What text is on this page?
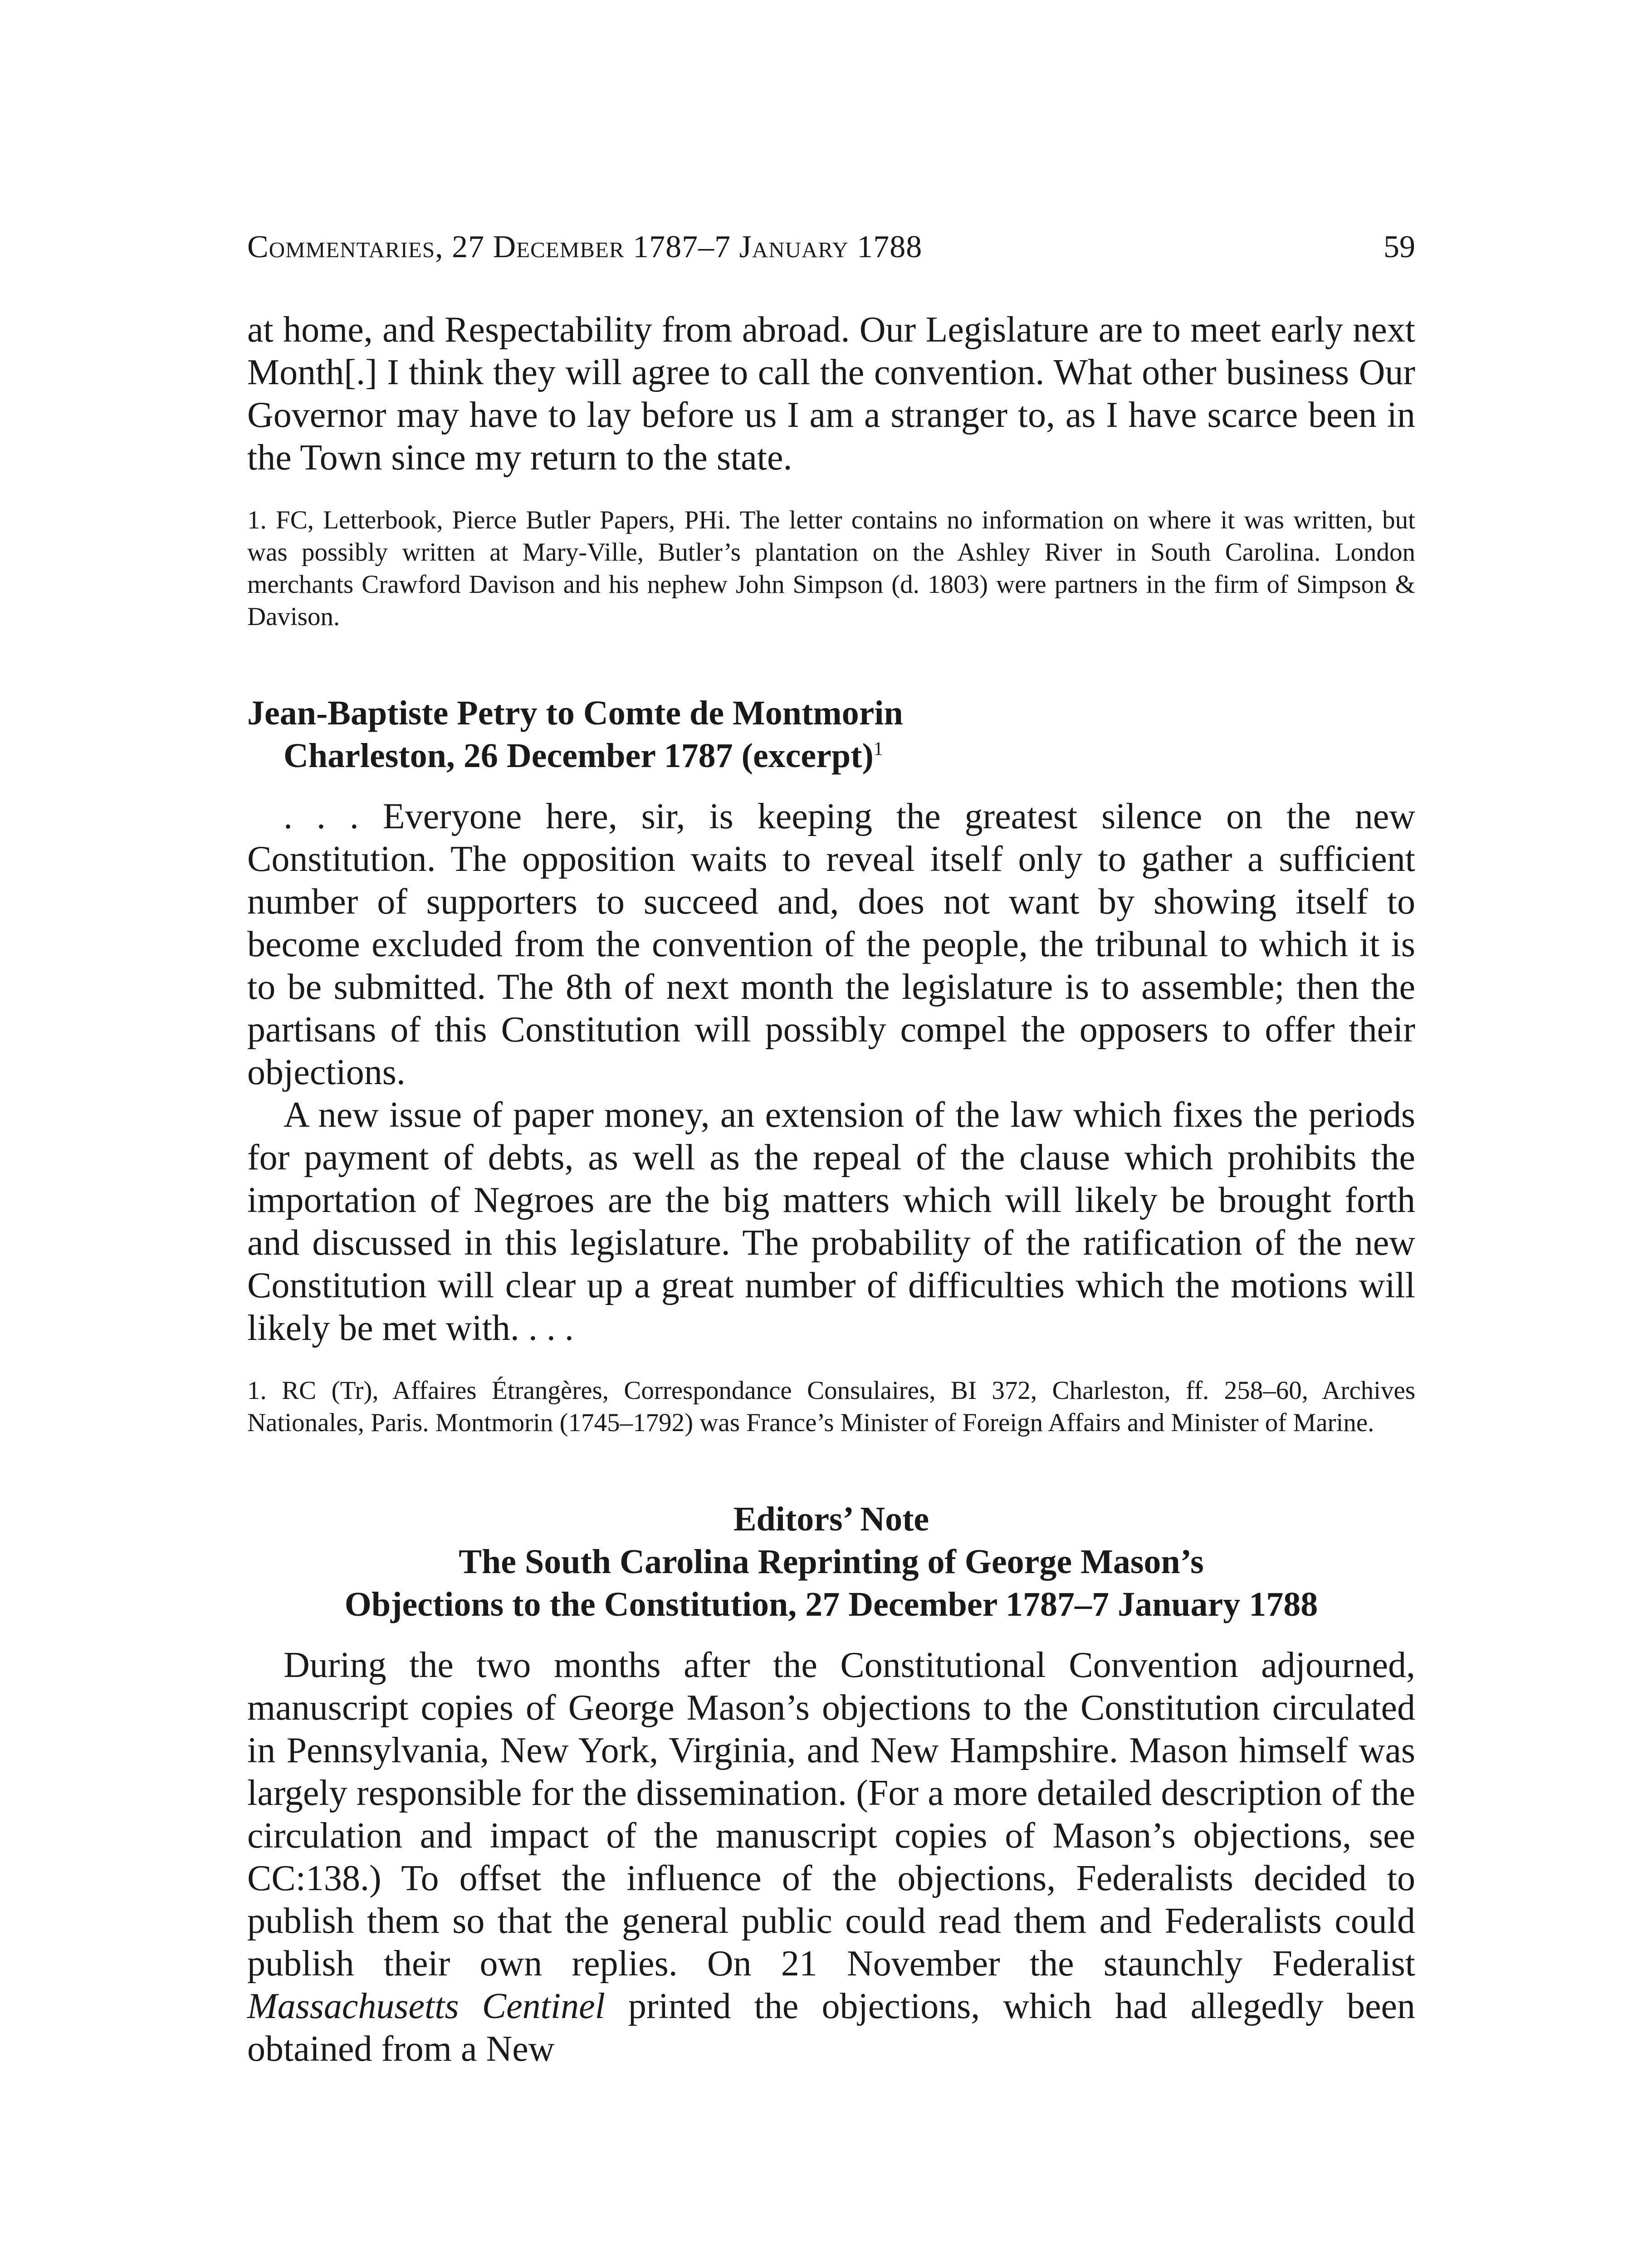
Commentaries, 27 December 1787–7 January 1788	59

at home, and Respectability from abroad. Our Legislature are to meet early next Month[.] I think they will agree to call the convention. What other business Our Governor may have to lay before us I am a stranger to, as I have scarce been in the Town since my return to the state.

1. FC, Letterbook, Pierce Butler Papers, PHi. The letter contains no information on where it was written, but was possibly written at Mary-Ville, Butler’s plantation on the Ashley River in South Carolina. London merchants Crawford Davison and his nephew John Simpson (d. 1803) were partners in the firm of Simpson & Davison.

Jean-Baptiste Petry to Comte de Montmorin
Charleston, 26 December 1787 (excerpt)$^1$

. . . Everyone here, sir, is keeping the greatest silence on the new Constitution. The opposition waits to reveal itself only to gather a sufficient number of supporters to succeed and, does not want by showing itself to become excluded from the convention of the people, the tribunal to which it is to be submitted. The 8th of next month the legislature is to assemble; then the partisans of this Constitution will possibly compel the opposers to offer their objections.

A new issue of paper money, an extension of the law which fixes the periods for payment of debts, as well as the repeal of the clause which prohibits the importation of Negroes are the big matters which will likely be brought forth and discussed in this legislature. The probability of the ratification of the new Constitution will clear up a great number of difficulties which the motions will likely be met with. . . .

1. RC (Tr), Affaires Étrangères, Correspondance Consulaires, BI 372, Charleston, ff. 258–60, Archives Nationales, Paris. Montmorin (1745–1792) was France’s Minister of Foreign Affairs and Minister of Marine.

Editors’ Note
The South Carolina Reprinting of George Mason’s
Objections to the Constitution, 27 December 1787–7 January 1788

During the two months after the Constitutional Convention adjourned, manuscript copies of George Mason’s objections to the Constitution circulated in Pennsylvania, New York, Virginia, and New Hampshire. Mason himself was largely responsible for the dissemination. (For a more detailed description of the circulation and impact of the manuscript copies of Mason’s objections, see CC:138.) To offset the influence of the objections, Federalists decided to publish them so that the general public could read them and Federalists could publish their own replies. On 21 November the staunchly Federalist Massachusetts Centinel printed the objections, which had allegedly been obtained from a New
